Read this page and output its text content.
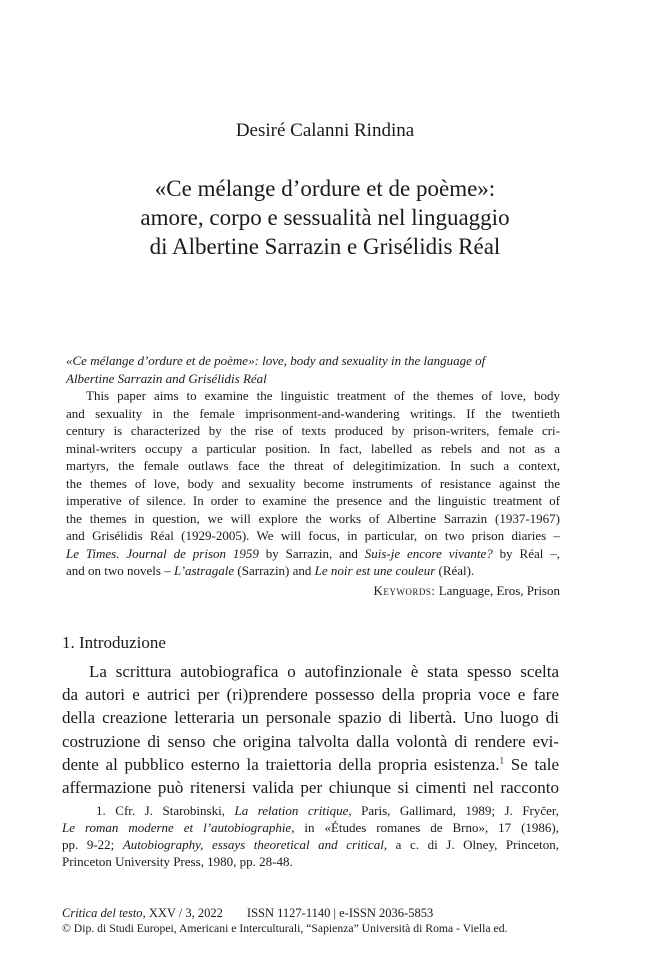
Desiré Calanni Rindina
«Ce mélange d’ordure et de poème»:
amore, corpo e sessualità nel linguaggio
di Albertine Sarrazin e Grisélidis Réal
«Ce mélange d’ordure et de poème»: love, body and sexuality in the language of
Albertine Sarrazin and Grisélidis Réal
This paper aims to examine the linguistic treatment of the themes of love, body
and sexuality in the female imprisonment-and-wandering writings. If the twentieth
century is characterized by the rise of texts produced by prison-writers, female cri-
minal-writers occupy a particular position. In fact, labelled as rebels and not as a
martyrs, the female outlaws face the threat of delegitimization. In such a context,
the themes of love, body and sexuality become instruments of resistance against the
imperative of silence. In order to examine the presence and the linguistic treatment of
the themes in question, we will explore the works of Albertine Sarrazin (1937-1967)
and Grisélidis Réal (1929-2005). We will focus, in particular, on two prison diaries –
Le Times. Journal de prison 1959 by Sarrazin, and Suis-je encore vivante? by Réal –,
and on two novels – L’astragale (Sarrazin) and Le noir est une couleur (Réal).
Keywords: Language, Eros, Prison
1. Introduzione
La scrittura autobiografica o autofinzionale è stata spesso scelta
da autori e autrici per (ri)prendere possesso della propria voce e fare
della creazione letteraria un personale spazio di libertà. Uno luogo di
costruzione di senso che origina talvolta dalla volontà di rendere evi-
dente al pubblico esterno la traiettoria della propria esistenza.$^1$ Se tale
affermazione può ritenersi valida per chiunque si cimenti nel racconto
1. Cfr. J. Starobinski, La relation critique, Paris, Gallimard, 1989; J. Fryčer,
Le roman moderne et l’autobiographie, in «Études romanes de Brno», 17 (1986),
pp. 9-22; Autobiography, essays theoretical and critical, a c. di J. Olney, Princeton,
Princeton University Press, 1980, pp. 28-48.
Critica del testo, XXV / 3, 2022 ISSN 1127-1140 | e-ISSN 2036-5853
© Dip. di Studi Europei, Americani e Interculturali, “Sapienza” Università di Roma - Viella ed.
